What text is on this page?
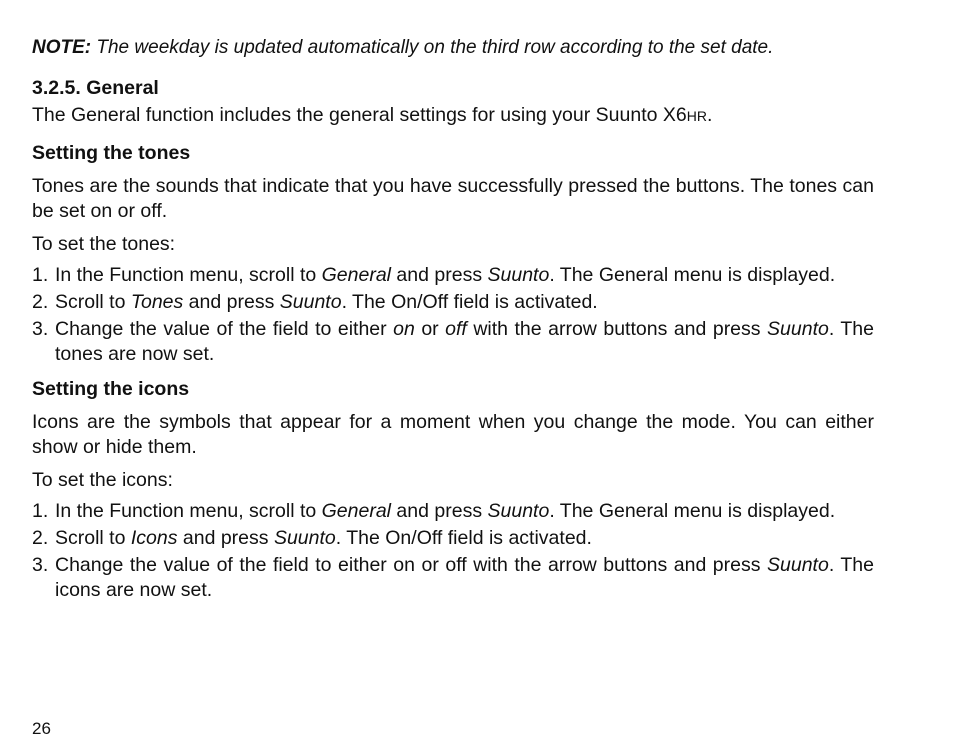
NOTE: The weekday is updated automatically on the third row according to the set date.

3.2.5. General

The General function includes the general settings for using your Suunto X6HR.

Setting the tones

Tones are the sounds that indicate that you have successfully pressed the buttons. The tones can be set on or off.

To set the tones:

1. In the Function menu, scroll to General and press Suunto. The General menu is displayed.
2. Scroll to Tones and press Suunto. The On/Off field is activated.
3. Change the value of the field to either on or off with the arrow buttons and press Suunto. The tones are now set.
Setting the icons

Icons are the symbols that appear for a moment when you change the mode. You can either show or hide them.

To set the icons:

1. In the Function menu, scroll to General and press Suunto. The General menu is displayed.
2. Scroll to Icons and press Suunto. The On/Off field is activated.
3. Change the value of the field to either on or off with the arrow buttons and press Suunto. The icons are now set.
26
